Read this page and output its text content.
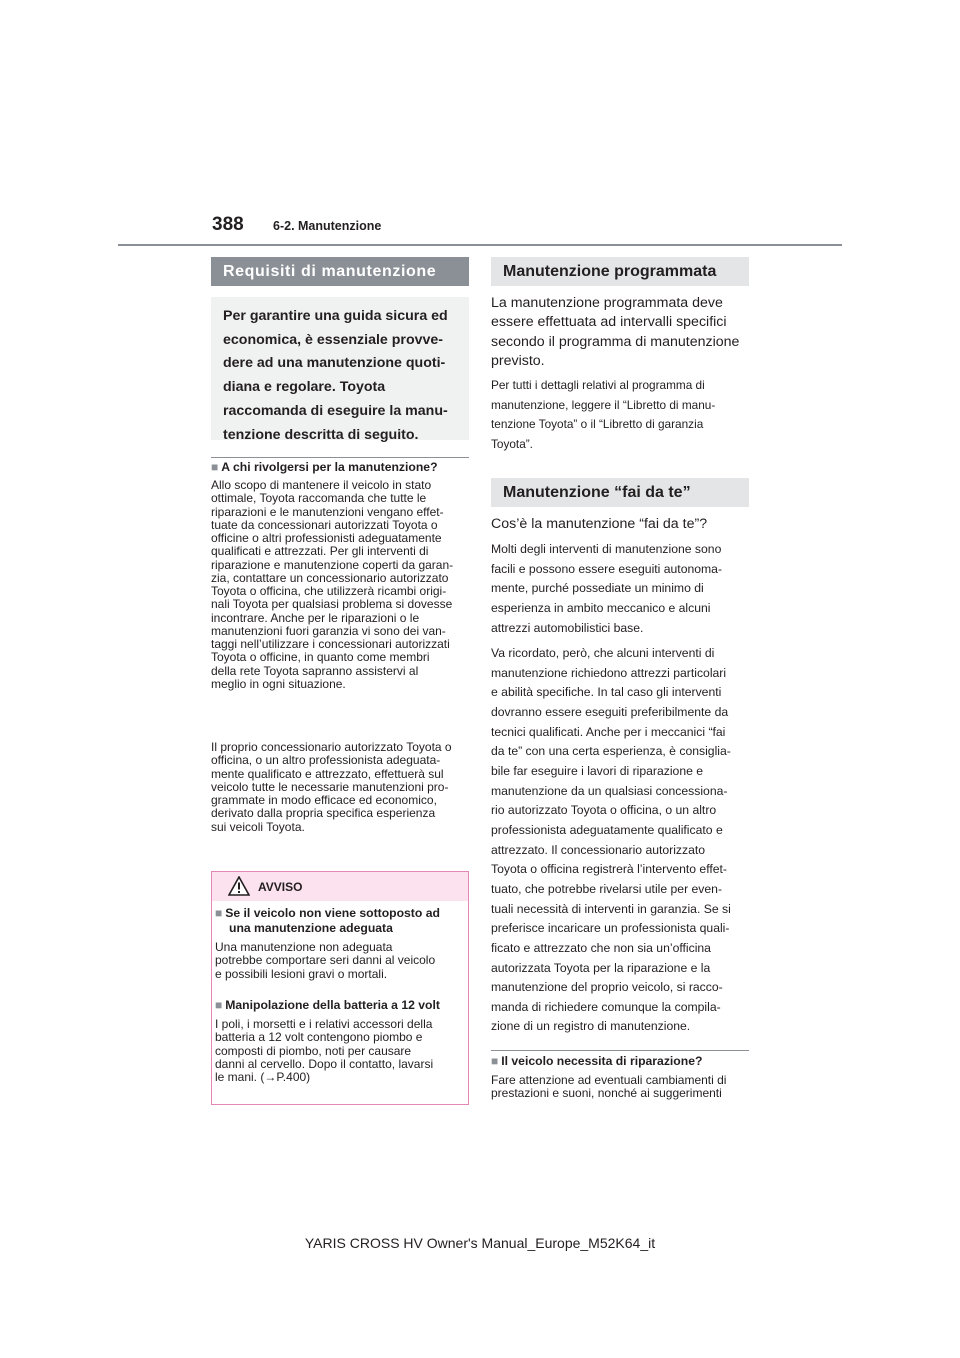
388 6-2. Manutenzione
Requisiti di manutenzione
Per garantire una guida sicura ed
economica, è essenziale provve-
dere ad una manutenzione quoti-
diana e regolare. Toyota
raccomanda di eseguire la manu-
tenzione descritta di seguito.
■ A chi rivolgersi per la manutenzione?
Allo scopo di mantenere il veicolo in stato
ottimale, Toyota raccomanda che tutte le
riparazioni e le manutenzioni vengano effet-
tuate da concessionari autorizzati Toyota o
officine o altri professionisti adeguatamente
qualificati e attrezzati. Per gli interventi di
riparazione e manutenzione coperti da garan-
zia, contattare un concessionario autorizzato
Toyota o officina, che utilizzerà ricambi origi-
nali Toyota per qualsiasi problema si dovesse
incontrare. Anche per le riparazioni o le
manutenzioni fuori garanzia vi sono dei van-
taggi nell’utilizzare i concessionari autorizzati
Toyota o officine, in quanto come membri
della rete Toyota sapranno assistervi al
meglio in ogni situazione.
Il proprio concessionario autorizzato Toyota o
officina, o un altro professionista adeguata-
mente qualificato e attrezzato, effettuerà sul
veicolo tutte le necessarie manutenzioni pro-
grammate in modo efficace ed economico,
derivato dalla propria specifica esperienza
sui veicoli Toyota.
AVVISO
■ Se il veicolo non viene sottoposto ad
una manutenzione adeguata
Una manutenzione non adeguata
potrebbe comportare seri danni al veicolo
e possibili lesioni gravi o mortali.
■ Manipolazione della batteria a 12 volt
I poli, i morsetti e i relativi accessori della
batteria a 12 volt contengono piombo e
composti di piombo, noti per causare
danni al cervello. Dopo il contatto, lavarsi
le mani. (→P.400)
Manutenzione programmata
La manutenzione programmata deve
essere effettuata ad intervalli specifici
secondo il programma di manutenzione
previsto.
Per tutti i dettagli relativi al programma di
manutenzione, leggere il “Libretto di manu-
tenzione Toyota” o il “Libretto di garanzia
Toyota”.
Manutenzione “fai da te”
Cos’è la manutenzione “fai da te”?
Molti degli interventi di manutenzione sono
facili e possono essere eseguiti autonoma-
mente, purché possediate un minimo di
esperienza in ambito meccanico e alcuni
attrezzi automobilistici base.
Va ricordato, però, che alcuni interventi di
manutenzione richiedono attrezzi particolari
e abilità specifiche. In tal caso gli interventi
dovranno essere eseguiti preferibilmente da
tecnici qualificati. Anche per i meccanici “fai
da te” con una certa esperienza, è consiglia-
bile far eseguire i lavori di riparazione e
manutenzione da un qualsiasi concessiona-
rio autorizzato Toyota o officina, o un altro
professionista adeguatamente qualificato e
attrezzato. Il concessionario autorizzato
Toyota o officina registrerà l’intervento effet-
tuato, che potrebbe rivelarsi utile per even-
tuali necessità di interventi in garanzia. Se si
preferisce incaricare un professionista quali-
ficato e attrezzato che non sia un’officina
autorizzata Toyota per la riparazione e la
manutenzione del proprio veicolo, si racco-
manda di richiedere comunque la compila-
zione di un registro di manutenzione.
■ Il veicolo necessita di riparazione?
Fare attenzione ad eventuali cambiamenti di
prestazioni e suoni, nonché ai suggerimenti
YARIS CROSS HV Owner's Manual_Europe_M52K64_it
